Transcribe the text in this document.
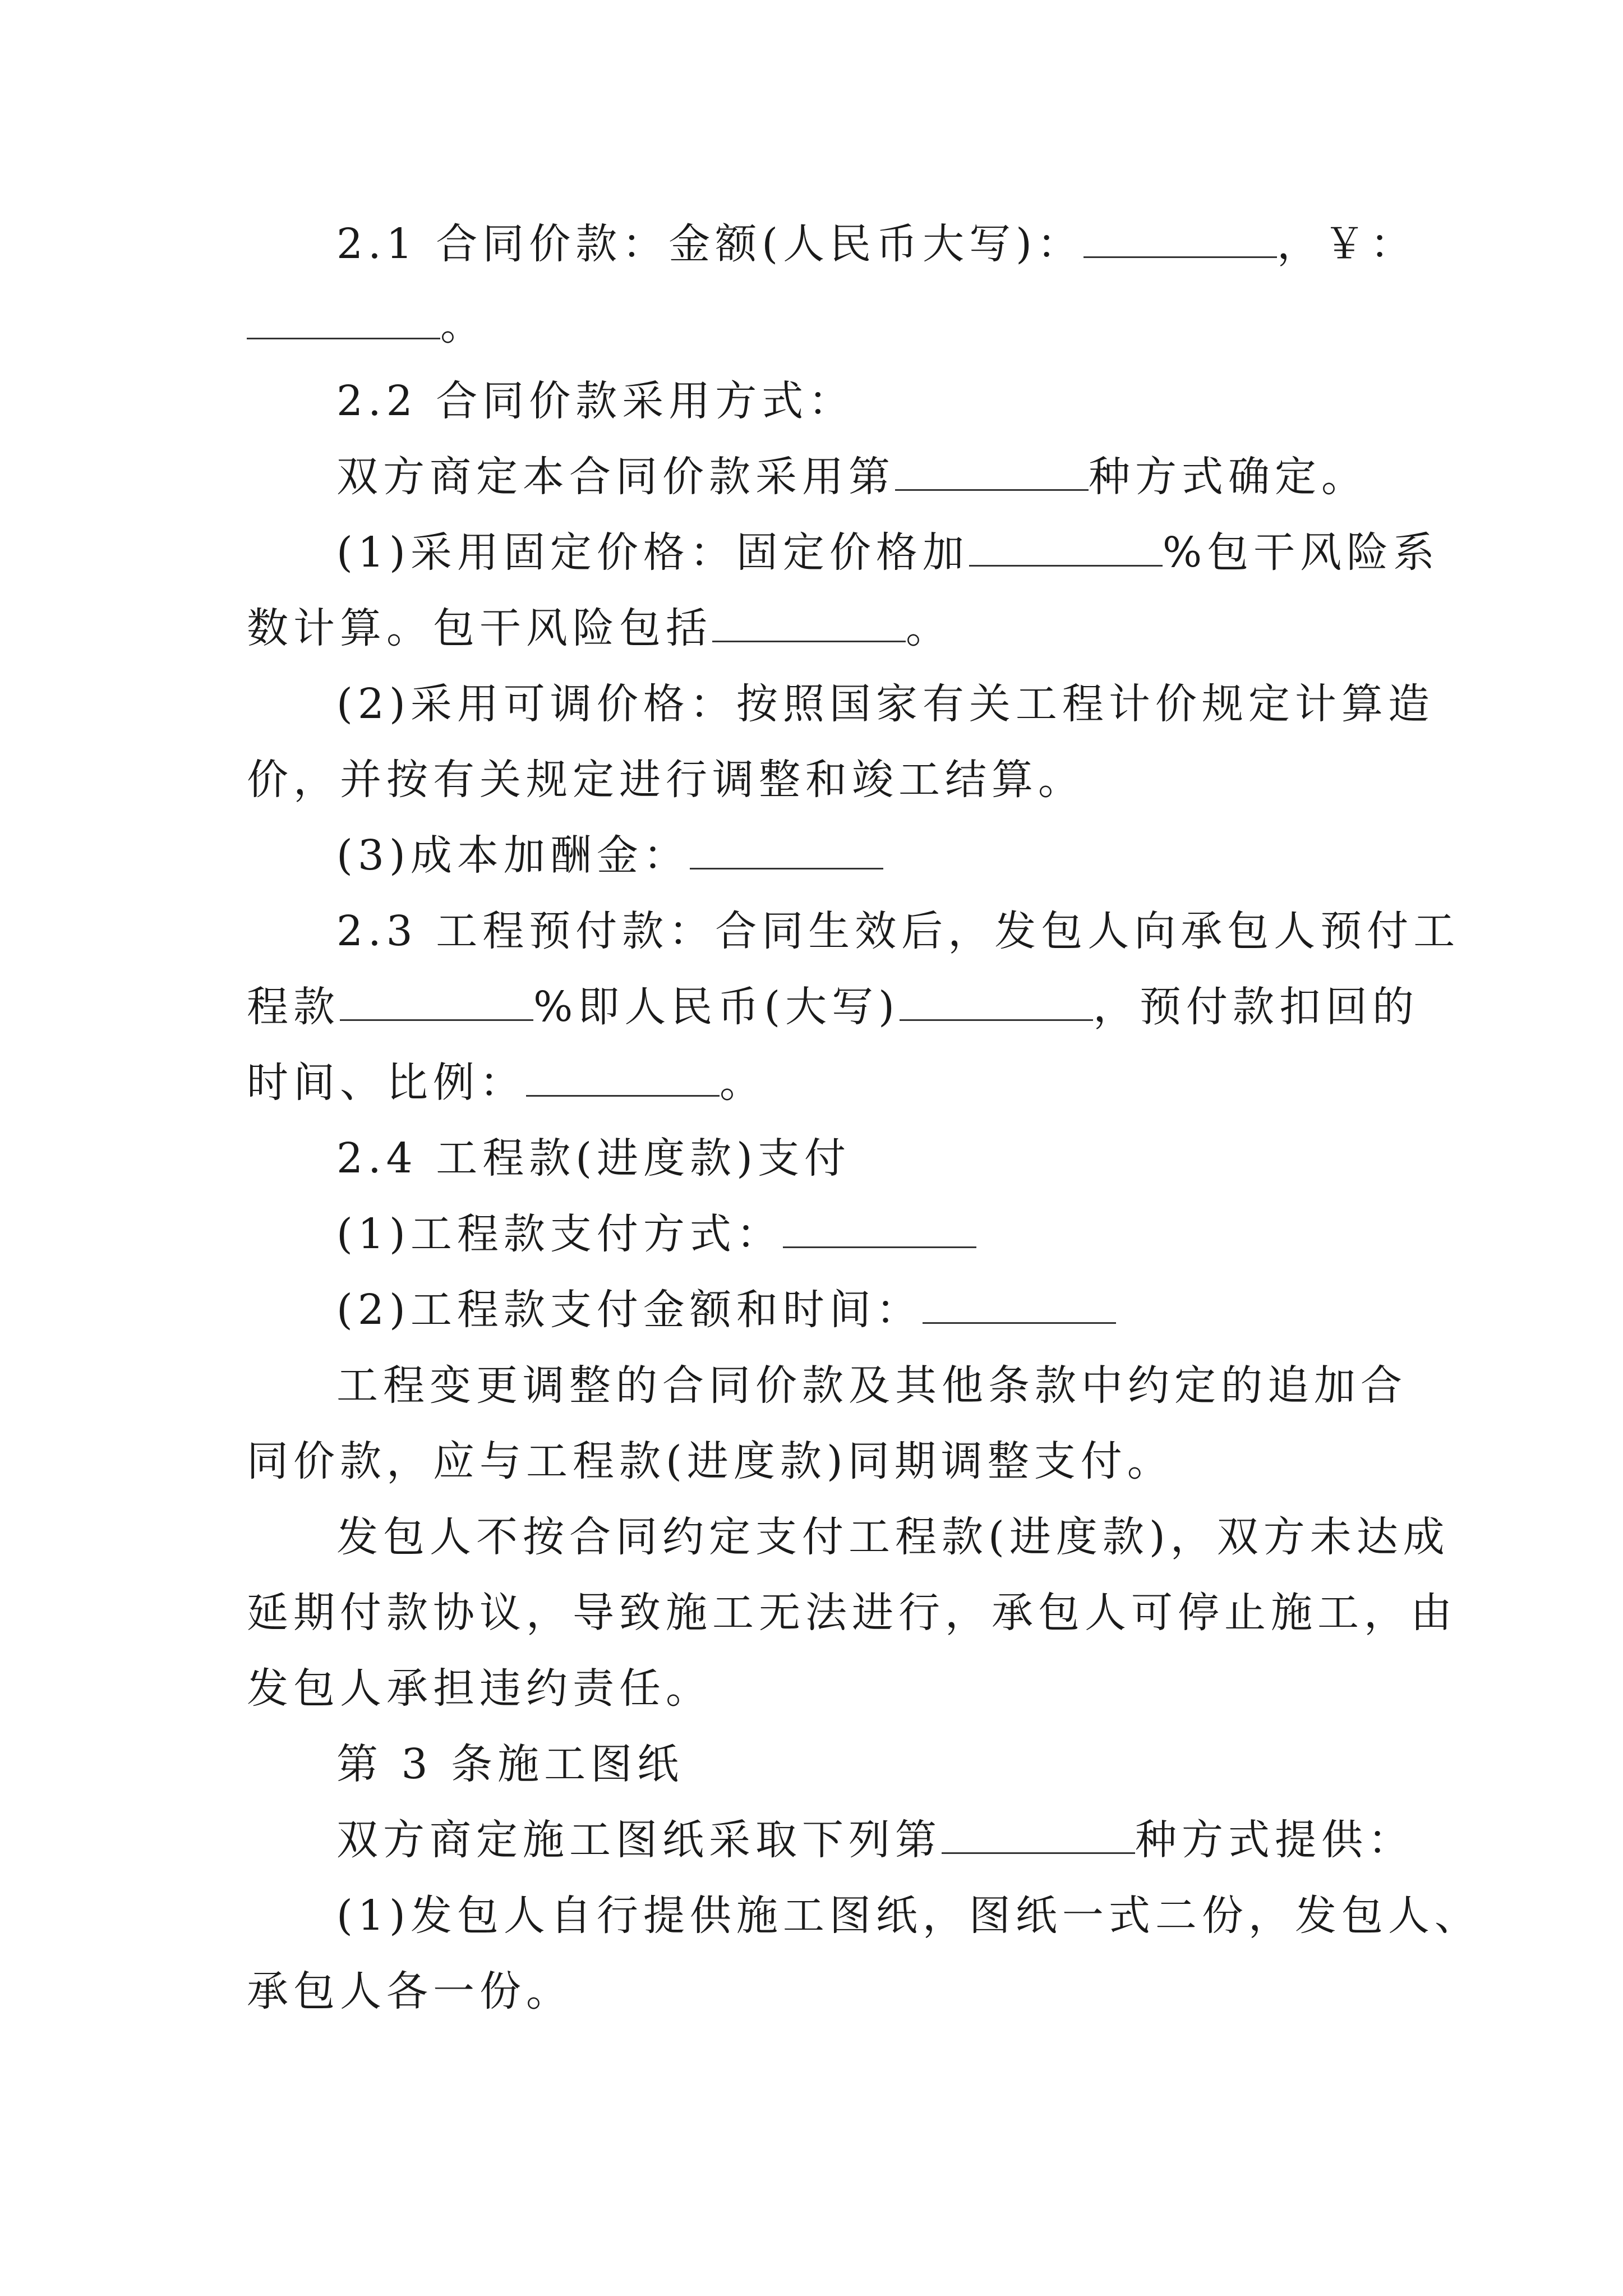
2.1 合同价款：金额(人民币大写)：	，￥：
。
2.2 合同价款采用方式：
双方商定本合同价款采用第	种方式确定。
(1)采用固定价格：固定价格加	%包干风险系
数计算。包干风险包括	。
(2)采用可调价格：按照国家有关工程计价规定计算造
价，并按有关规定进行调整和竣工结算。
(3)成本加酬金：
2.3 工程预付款：合同生效后，发包人向承包人预付工
程款	%即人民币(大写)	，预付款扣回的
时间、比例：	。
2.4 工程款(进度款)支付
(1)工程款支付方式：
(2)工程款支付金额和时间：
工程变更调整的合同价款及其他条款中约定的追加合
同价款，应与工程款(进度款)同期调整支付。
发包人不按合同约定支付工程款(进度款)，双方未达成
延期付款协议，导致施工无法进行，承包人可停止施工，由
发包人承担违约责任。
第 3 条施工图纸
双方商定施工图纸采取下列第	种方式提供：
(1)发包人自行提供施工图纸，图纸一式二份，发包人、
承包人各一份。
